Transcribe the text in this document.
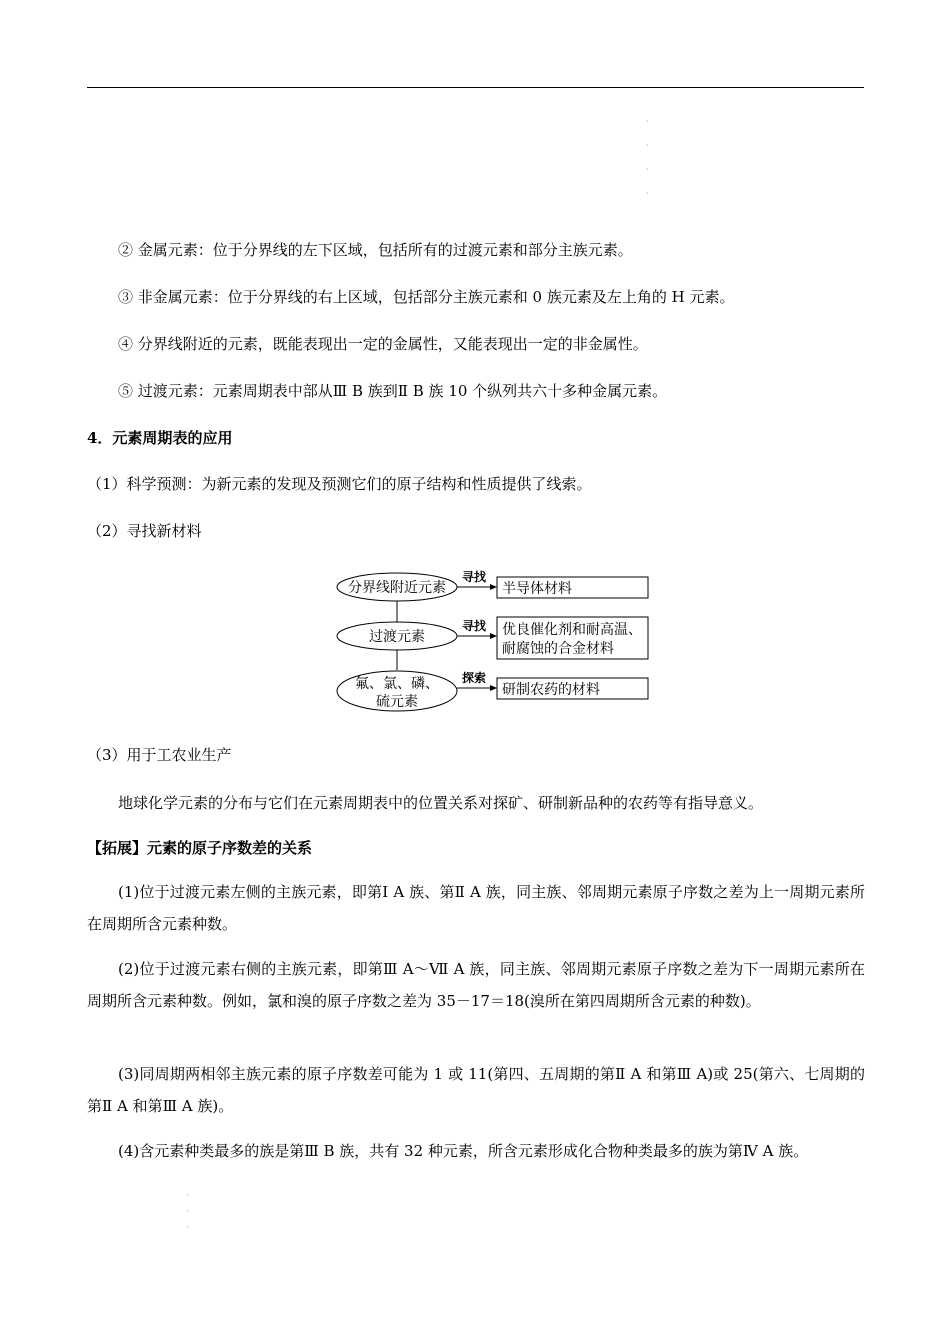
·

·

·

·
② 金属元素：位于分界线的左下区域，包括所有的过渡元素和部分主族元素。
③ 非金属元素：位于分界线的右上区域，包括部分主族元素和 0 族元素及左上角的 H 元素。
④ 分界线附近的元素，既能表现出一定的金属性，又能表现出一定的非金属性。
⑤ 过渡元素：元素周期表中部从Ⅲ B 族到Ⅱ B 族 10 个纵列共六十多种金属元素。
4．元素周期表的应用
（1）科学预测：为新元素的发现及预测它们的原子结构和性质提供了线索。
（2）寻找新材料
分界线附近元素
过渡元素
氟、氯、磷、
硫元素
寻找
寻找
探索
半导体材料
优良催化剂和耐高温、
耐腐蚀的合金材料
研制农药的材料
（3）用于工农业生产
地球化学元素的分布与它们在元素周期表中的位置关系对探矿、研制新品种的农药等有指导意义。
【拓展】元素的原子序数差的关系
(1)位于过渡元素左侧的主族元素，即第Ⅰ A 族、第Ⅱ A 族，同主族、邻周期元素原子序数之差为上一周期元素所在周期所含元素种数。
(2)位于过渡元素右侧的主族元素，即第Ⅲ A～Ⅶ A 族，同主族、邻周期元素原子序数之差为下一周期元素所在周期所含元素种数。例如，氯和溴的原子序数之差为 35－17＝18(溴所在第四周期所含元素的种数)。
(3)同周期两相邻主族元素的原子序数差可能为 1 或 11(第四、五周期的第Ⅱ A 和第Ⅲ A)或 25(第六、七周期的第Ⅱ A 和第Ⅲ A 族)。
(4)含元素种类最多的族是第Ⅲ B 族，共有 32 种元素，所含元素形成化合物种类最多的族为第Ⅳ A 族。
·

·

·
